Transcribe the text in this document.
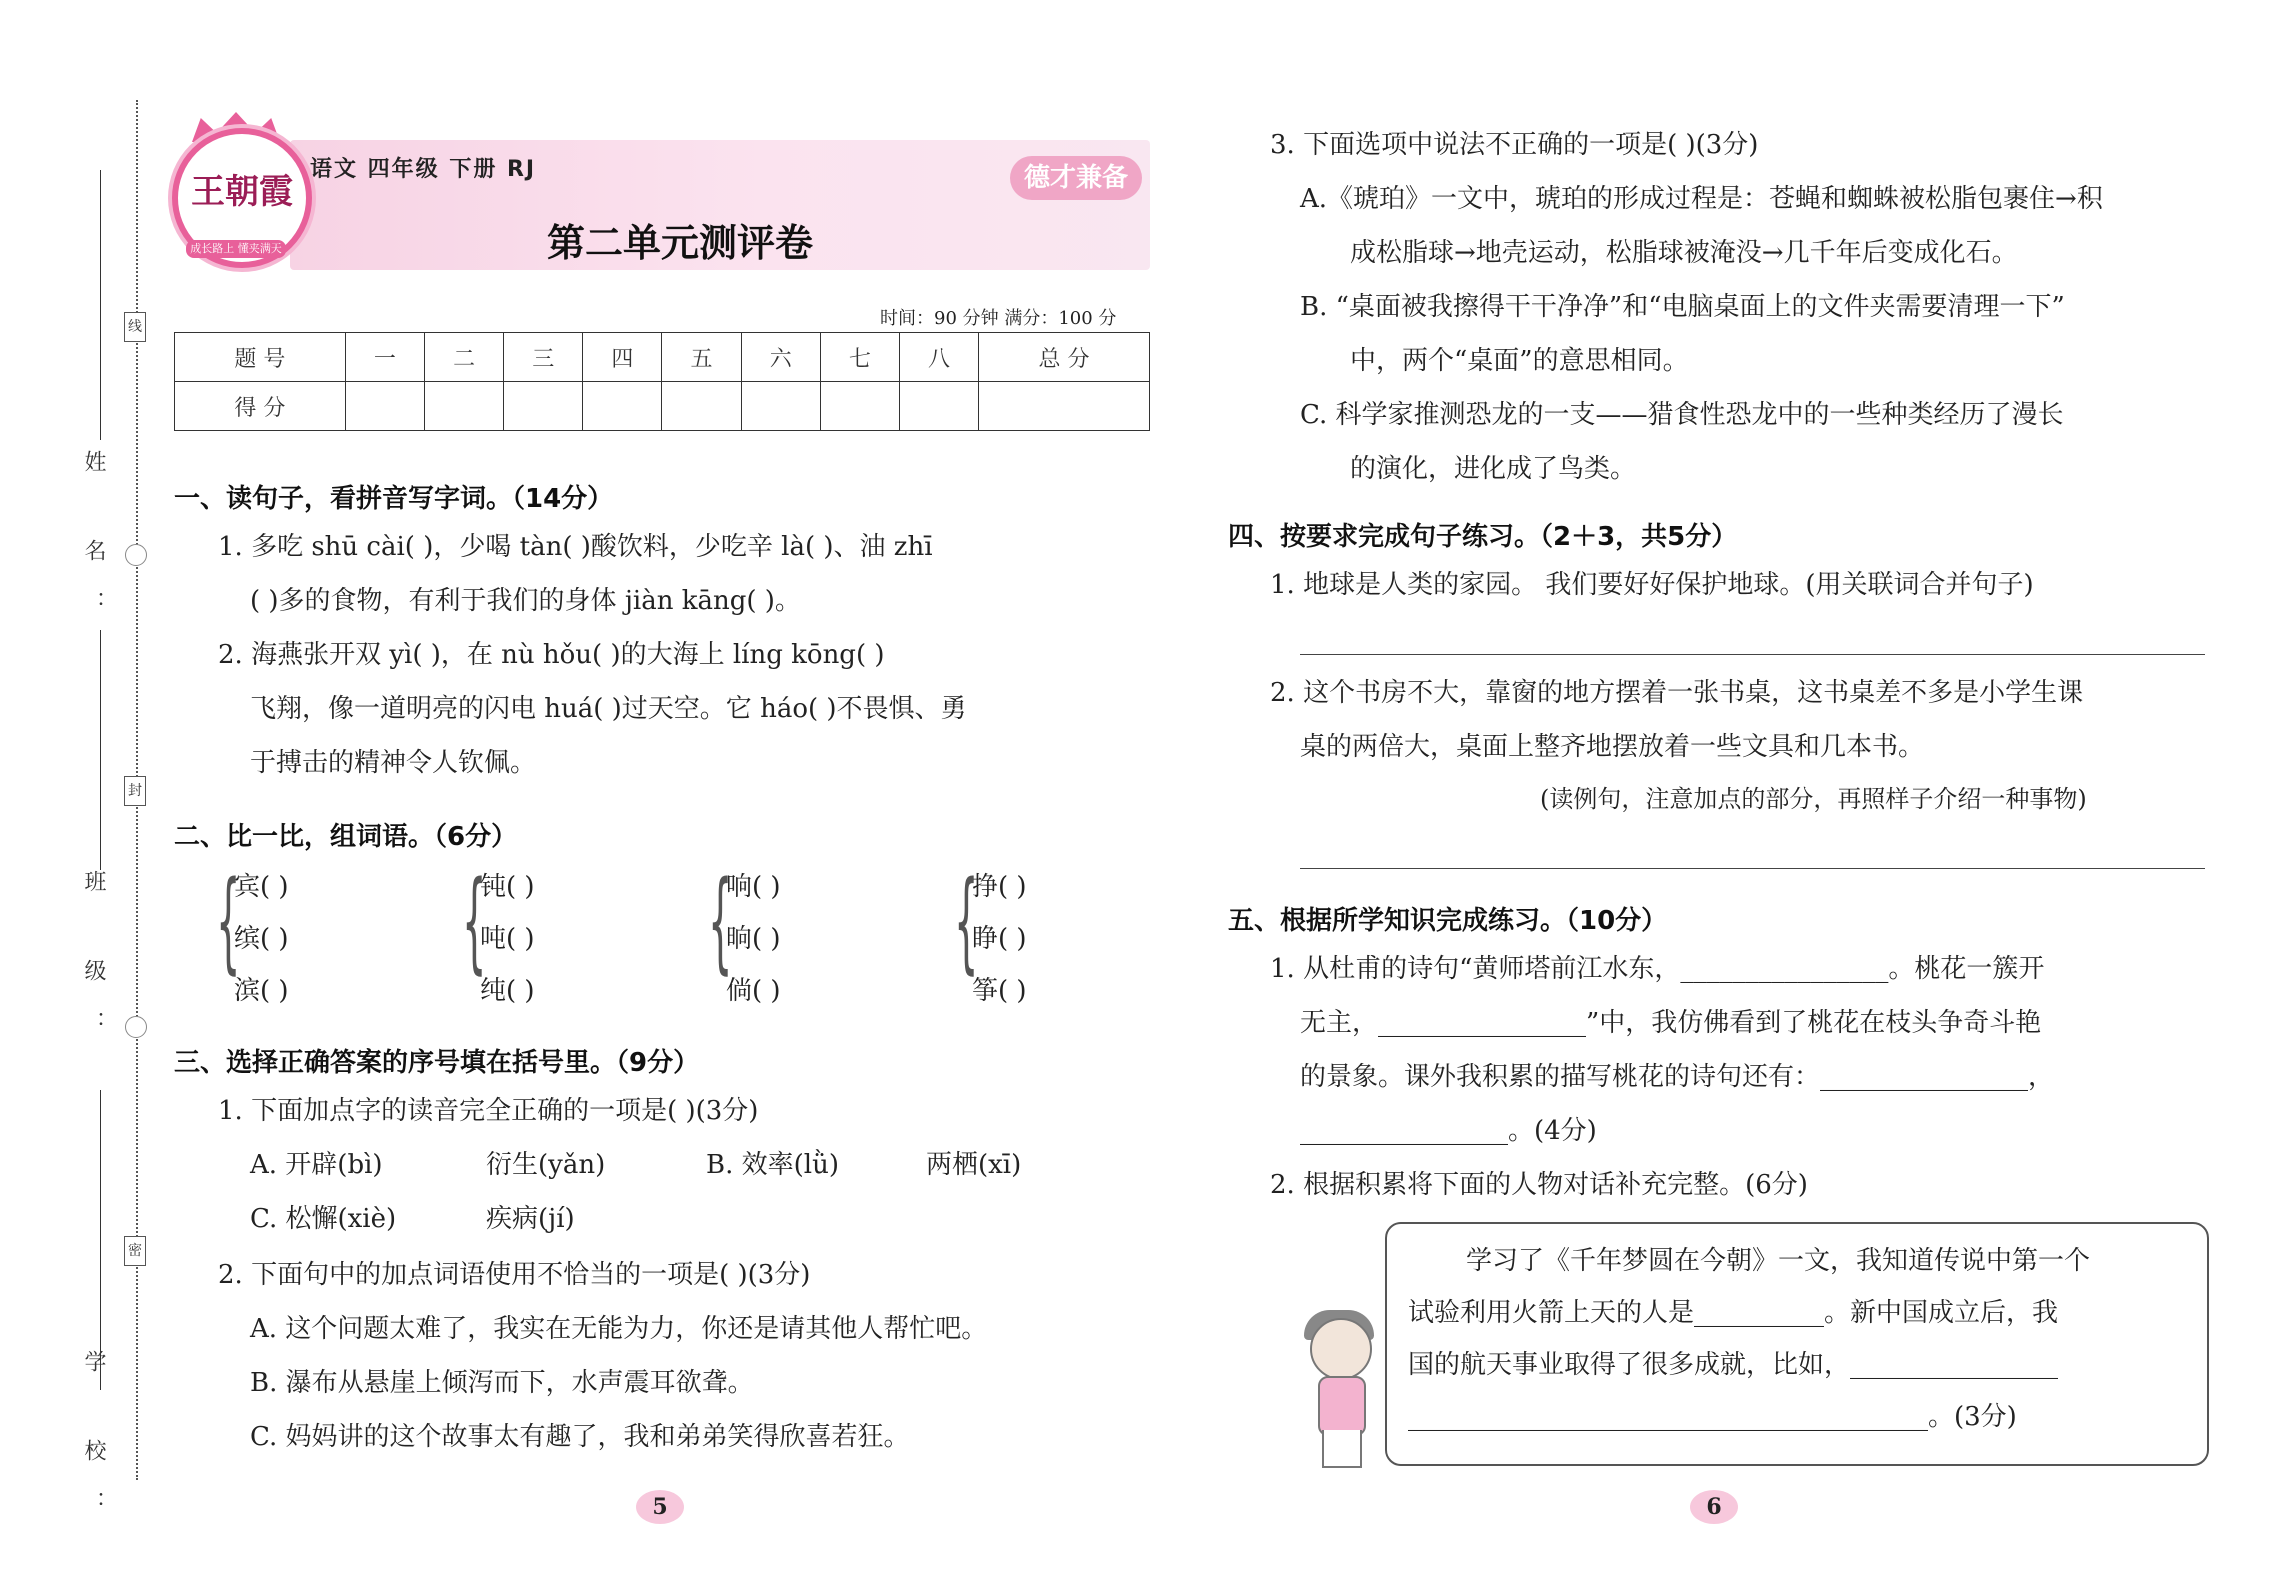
姓 名：
班 级：
学 校：
线
封
密
王朝霞
成长路上 懂夹满天
语文 四年级 下册 RJ
第二单元测评卷
德才兼备
时间：90 分钟 满分：100 分
题 号	一	二	三	四	五	六	七	八	总 分
得 分									
一、读句子，看拼音写字词。（14分）
1. 多吃 shū cài( )，少喝 tàn( )酸饮料，少吃辛 là( )、油 zhī
( )多的食物，有利于我们的身体 jiàn kāng( )。
2. 海燕张开双 yì( )，在 nù hǒu( )的大海上 líng kōng( )
飞翔，像一道明亮的闪电 huá( )过天空。它 háo( )不畏惧、勇
于搏击的精神令人钦佩。
二、比一比，组词语。（6分）
{
宾( )
缤( )
滨( )
{
钝( )
吨( )
纯( )
{
响( )
晌( )
倘( )
{
挣( )
睁( )
筝( )
三、选择正确答案的序号填在括号里。（9分）
1. 下面加点字的读音完全正确的一项是( )(3分)
A. 开辟(bì)	衍生(yǎn)	B. 效率(lǜ)	两栖(xī)
C. 松懈(xiè)	疾病(jí)
2. 下面句中的加点词语使用不恰当的一项是( )(3分)
A. 这个问题太难了，我实在无能为力，你还是请其他人帮忙吧。
B. 瀑布从悬崖上倾泻而下，水声震耳欲聋。
C. 妈妈讲的这个故事太有趣了，我和弟弟笑得欣喜若狂。
3. 下面选项中说法不正确的一项是( )(3分)
A.《琥珀》一文中，琥珀的形成过程是：苍蝇和蜘蛛被松脂包裹住→积
成松脂球→地壳运动，松脂球被淹没→几千年后变成化石。
B. “桌面被我擦得干干净净”和“电脑桌面上的文件夹需要清理一下”
中，两个“桌面”的意思相同。
C. 科学家推测恐龙的一支——猎食性恐龙中的一些种类经历了漫长
的演化，进化成了鸟类。
四、按要求完成句子练习。（2＋3，共5分）
1. 地球是人类的家园。 我们要好好保护地球。(用关联词合并句子)
2. 这个书房不大，靠窗的地方摆着一张书桌，这书桌差不多是小学生课
桌的两倍大，桌面上整齐地摆放着一些文具和几本书。
(读例句，注意加点的部分，再照样子介绍一种事物)
五、根据所学知识完成练习。（10分）
1. 从杜甫的诗句“黄师塔前江水东，________________。桃花一簇开
无主，________________”中，我仿佛看到了桃花在枝头争奇斗艳
的景象。课外我积累的描写桃花的诗句还有：________________，
________________。(4分)
2. 根据积累将下面的人物对话补充完整。(6分)
学习了《千年梦圆在今朝》一文，我知道传说中第一个
试验利用火箭上天的人是__________。新中国成立后，我
国的航天事业取得了很多成就，比如，________________
________________________________________。(3分)
5	6
